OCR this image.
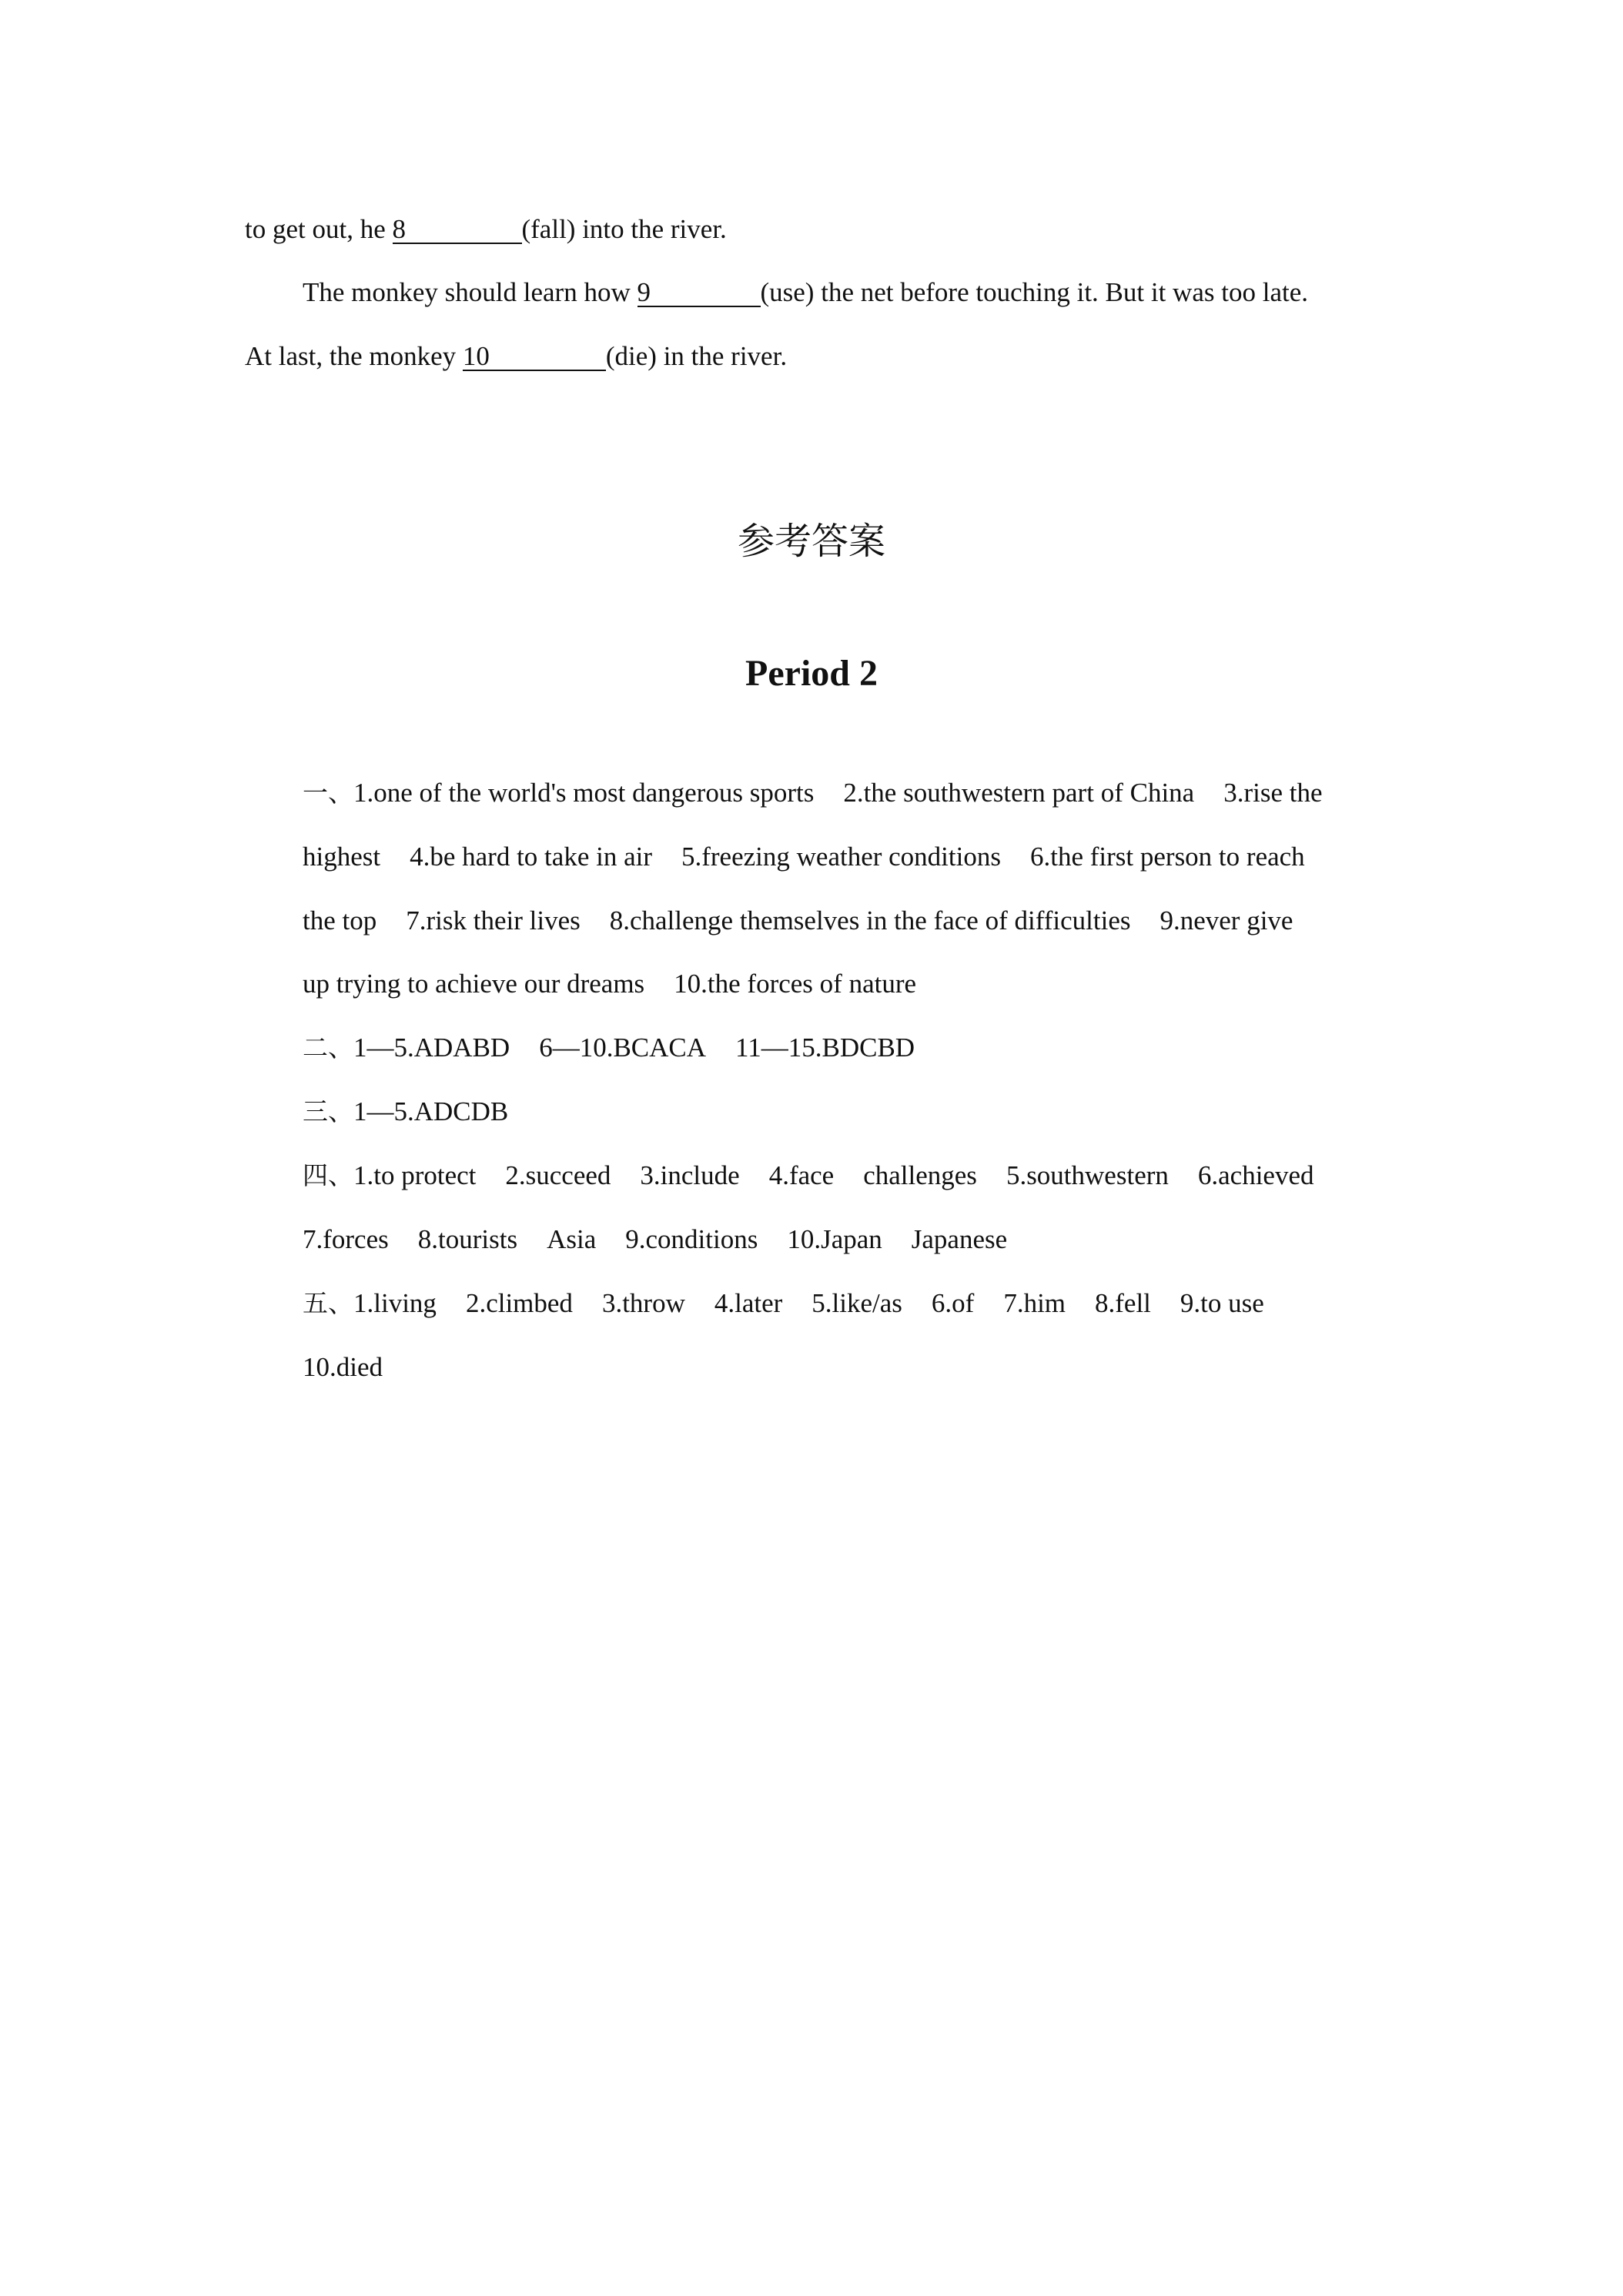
to get out, he 8	(fall) into the river.
The monkey should learn how 9	(use) the net before touching it. But it was too late.
At last, the monkey 10	(die) in the river.
参考答案
Period 2
一、1.one of the world's most dangerous sports 2.the southwestern part of China 3.rise the
highest 4.be hard to take in air 5.freezing weather conditions 6.the first person to reach
the top 7.risk their lives 8.challenge themselves in the face of difficulties 9.never give
up trying to achieve our dreams 10.the forces of nature
二、1—5.ADABD 6—10.BCACA 11—15.BDCBD
三、1—5.ADCDB
四、1.to protect 2.succeed 3.include 4.face challenges 5.southwestern 6.achieved
7.forces 8.tourists Asia 9.conditions 10.Japan Japanese
五、1.living 2.climbed 3.throw 4.later 5.like/as 6.of 7.him 8.fell 9.to use
10.died
